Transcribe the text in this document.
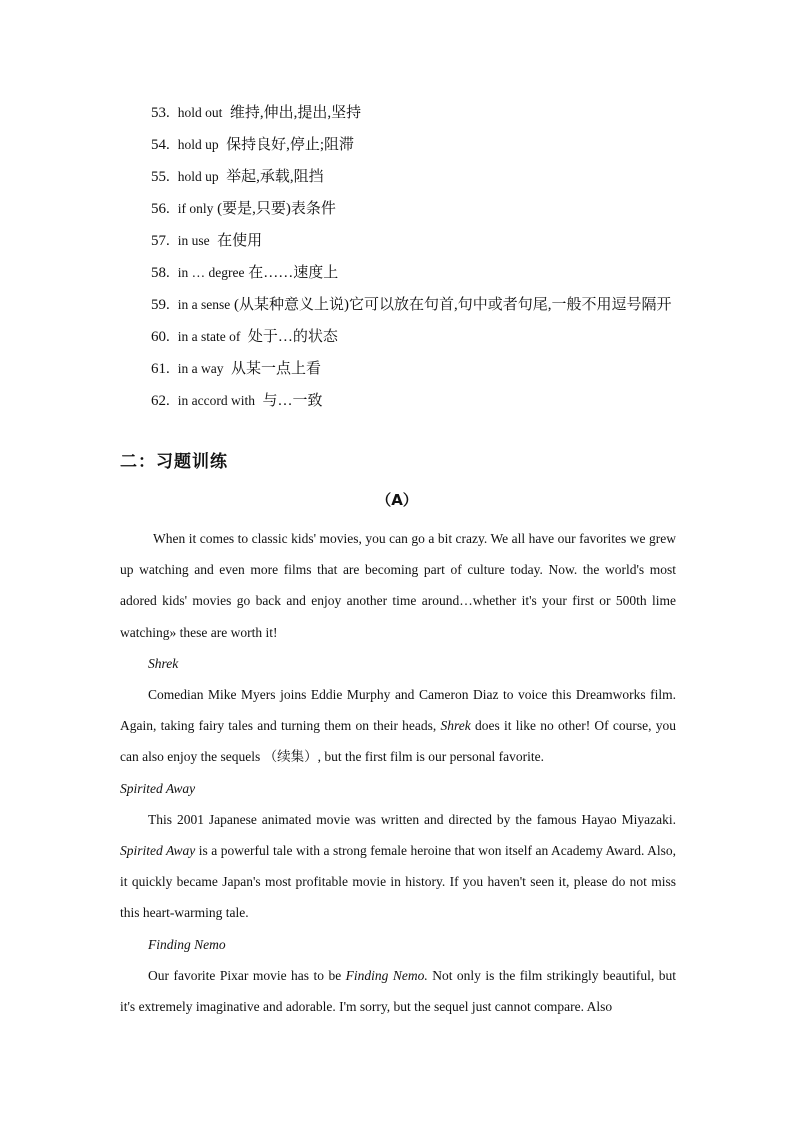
53. hold out 维持,伸出,提出,坚持
54. hold up 保持良好,停止;阻滞
55. hold up 举起,承载,阻挡
56. if only (要是,只要)表条件
57. in use 在使用
58. in … degree 在……速度上
59. in a sense (从某种意义上说)它可以放在句首,句中或者句尾,一般不用逗号隔开
60. in a state of 处于…的状态
61. in a way 从某一点上看
62. in accord with 与…一致
二：习题训练
（A）

When it comes to classic kids' movies, you can go a bit crazy. We all have our favorites we grew up watching and even more films that are becoming part of culture today. Now. the world's most adored kids' movies go back and enjoy another time around…whether it's your first or 500th lime watching» these are worth it!

Shrek

Comedian Mike Myers joins Eddie Murphy and Cameron Diaz to voice this Dreamworks film. Again, taking fairy tales and turning them on their heads, Shrek does it like no other! Of course, you can also enjoy the sequels （续集）, but the first film is our personal favorite.

Spirited Away

This 2001 Japanese animated movie was written and directed by the famous Hayao Miyazaki. Spirited Away is a powerful tale with a strong female heroine that won itself an Academy Award. Also, it quickly became Japan's most profitable movie in history. If you haven't seen it, please do not miss this heart-warming tale.

Finding Nemo

Our favorite Pixar movie has to be Finding Nemo. Not only is the film strikingly beautiful, but it's extremely imaginative and adorable. I'm sorry, but the sequel just cannot compare. Also
